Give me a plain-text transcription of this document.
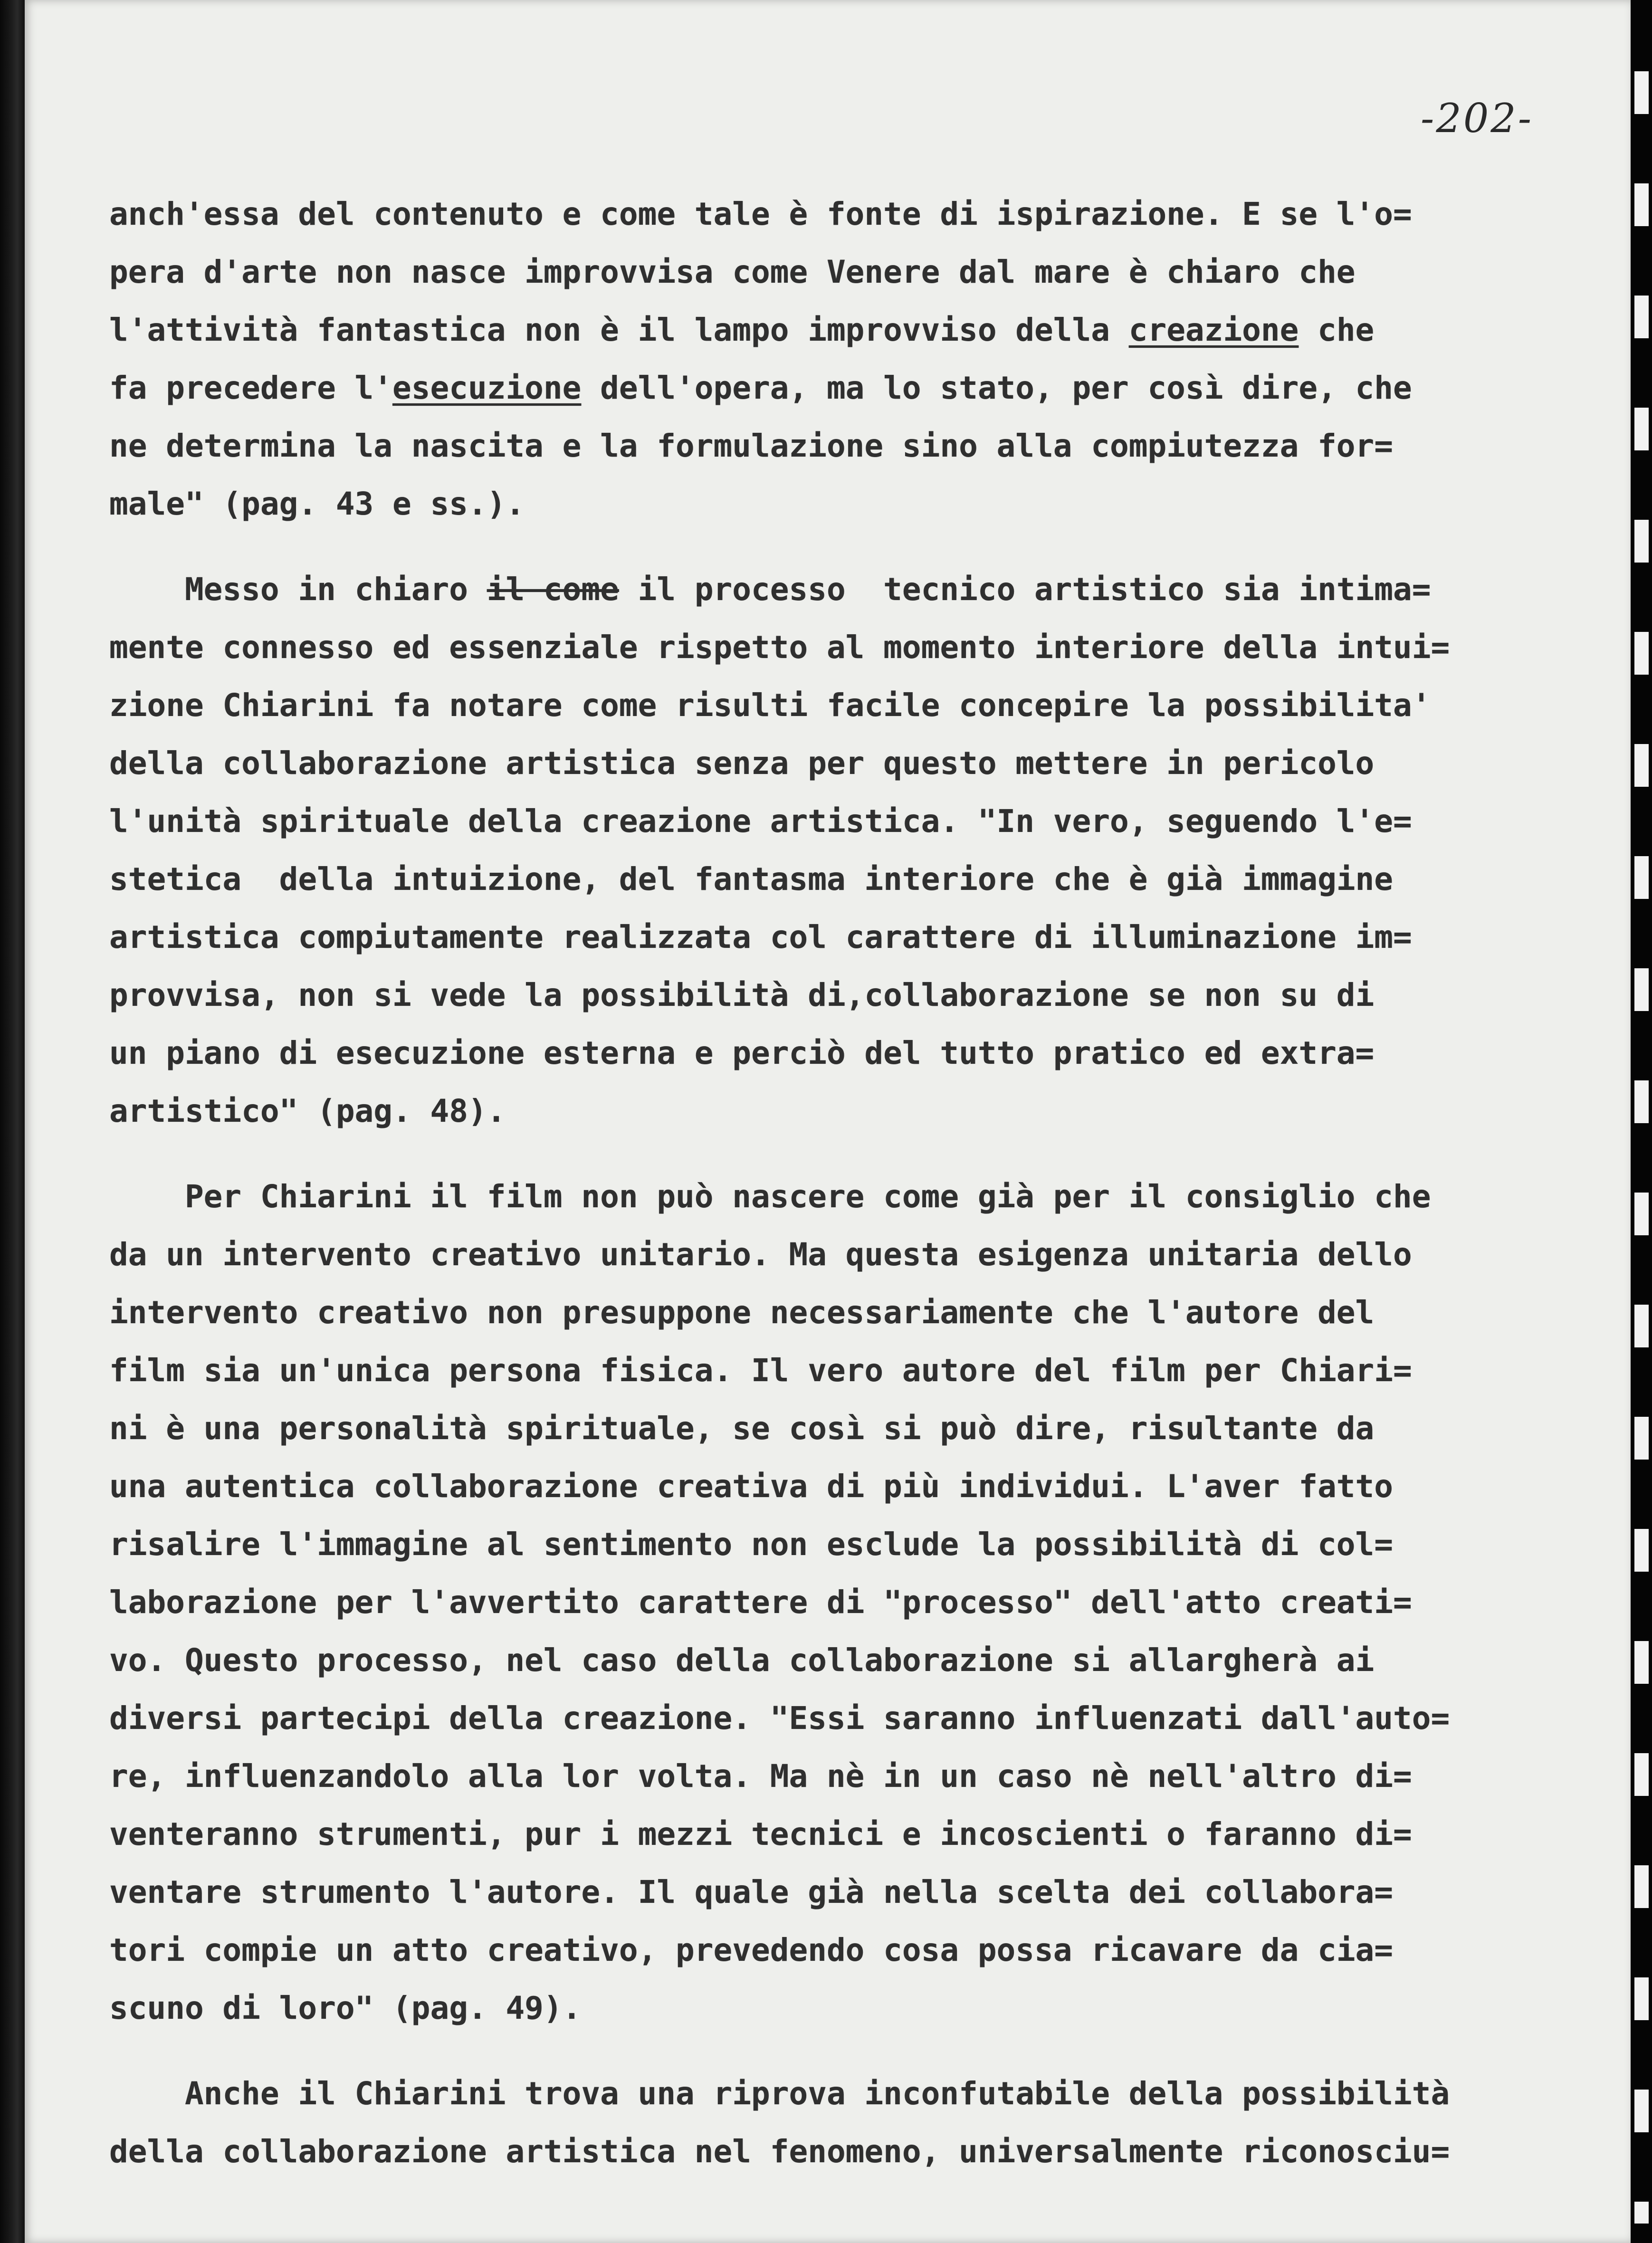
-202-
anch'essa del contenuto e come tale è fonte di ispirazione. E se l'o=
pera d'arte non nasce improvvisa come Venere dal mare è chiaro che
l'attività fantastica non è il lampo improvviso della creazione che
fa precedere l'esecuzione dell'opera, ma lo stato, per così dire, che
ne determina la nascita e la formulazione sino alla compiutezza for=
male" (pag. 43 e ss.).
Messo in chiaro il come il processo  tecnico artistico sia intima=
mente connesso ed essenziale rispetto al momento interiore della intui=
zione Chiarini fa notare come risulti facile concepire la possibilita'
della collaborazione artistica senza per questo mettere in pericolo
l'unità spirituale della creazione artistica. "In vero, seguendo l'e=
stetica  della intuizione, del fantasma interiore che è già immagine
artistica compiutamente realizzata col carattere di illuminazione im=
provvisa, non si vede la possibilità di,collaborazione se non su di
un piano di esecuzione esterna e perciò del tutto pratico ed extra=
artistico" (pag. 48).
Per Chiarini il film non può nascere come già per il consiglio che
da un intervento creativo unitario. Ma questa esigenza unitaria dello
intervento creativo non presuppone necessariamente che l'autore del
film sia un'unica persona fisica. Il vero autore del film per Chiari=
ni è una personalità spirituale, se così si può dire, risultante da
una autentica collaborazione creativa di più individui. L'aver fatto
risalire l'immagine al sentimento non esclude la possibilità di col=
laborazione per l'avvertito carattere di "processo" dell'atto creati=
vo. Questo processo, nel caso della collaborazione si allargherà ai
diversi partecipi della creazione. "Essi saranno influenzati dall'auto=
re, influenzandolo alla lor volta. Ma nè in un caso nè nell'altro di=
venteranno strumenti, pur i mezzi tecnici e incoscienti o faranno di=
ventare strumento l'autore. Il quale già nella scelta dei collabora=
tori compie un atto creativo, prevedendo cosa possa ricavare da cia=
scuno di loro" (pag. 49).
Anche il Chiarini trova una riprova inconfutabile della possibilità
della collaborazione artistica nel fenomeno, universalmente riconosciu=
